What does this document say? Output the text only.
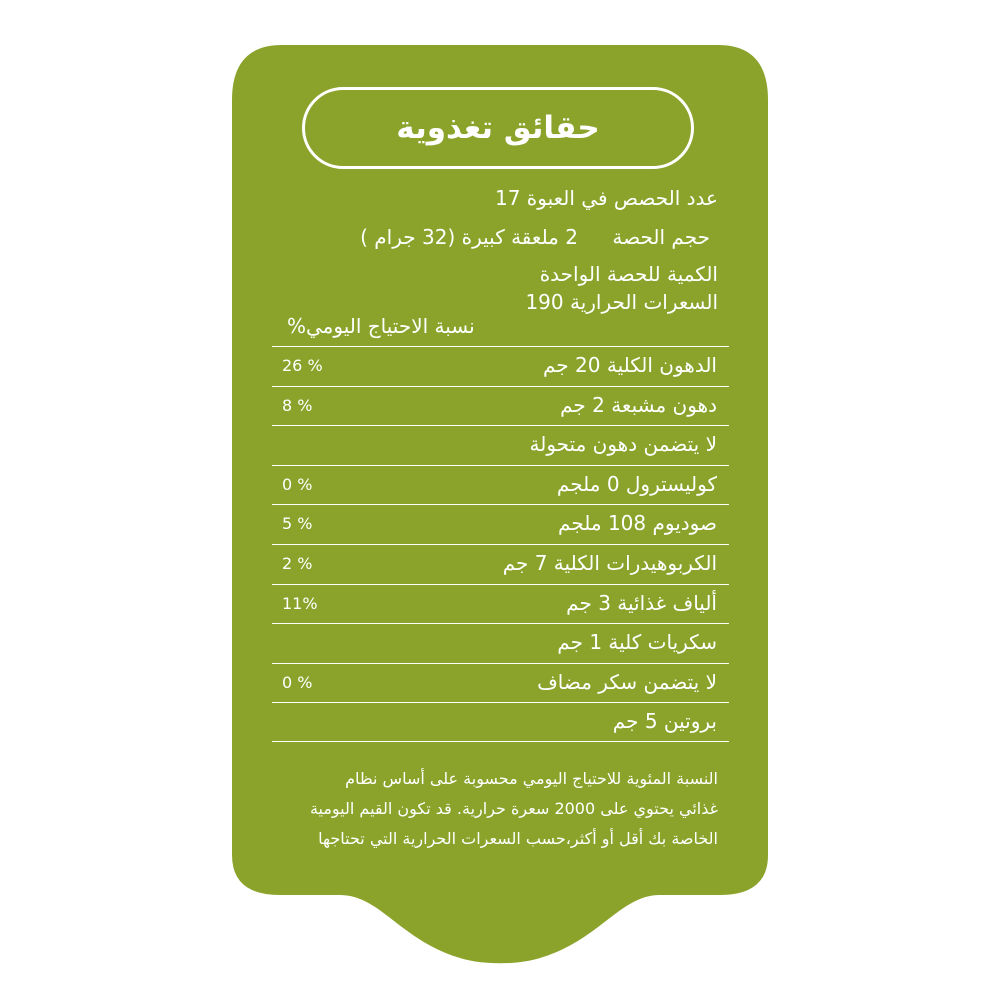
حقائق تغذوية
عدد الحصص في العبوة 17
حجم الحصة
2 ملعقة كبيرة (32 جرام )
الكمية للحصة الواحدة
السعرات الحرارية 190
نسبة الاحتياج اليومي%
الدهون الكلية 20 جم
26 %
دهون مشبعة 2 جم
8 %
لا يتضمن دهون متحولة
كوليسترول 0 ملجم
0 %
صوديوم 108 ملجم
5 %
الكربوهيدرات الكلية 7 جم
2 %
ألياف غذائية 3 جم
11%
سكريات كلية 1 جم
لا يتضمن سكر مضاف
0 %
بروتين 5 جم
النسبة المئوية للاحتياج اليومي محسوبة على أساس نظام
غذائي يحتوي على 2000 سعرة حرارية. قد تكون القيم اليومية
الخاصة بك أقل أو أكثر،حسب السعرات الحرارية التي تحتاجها
